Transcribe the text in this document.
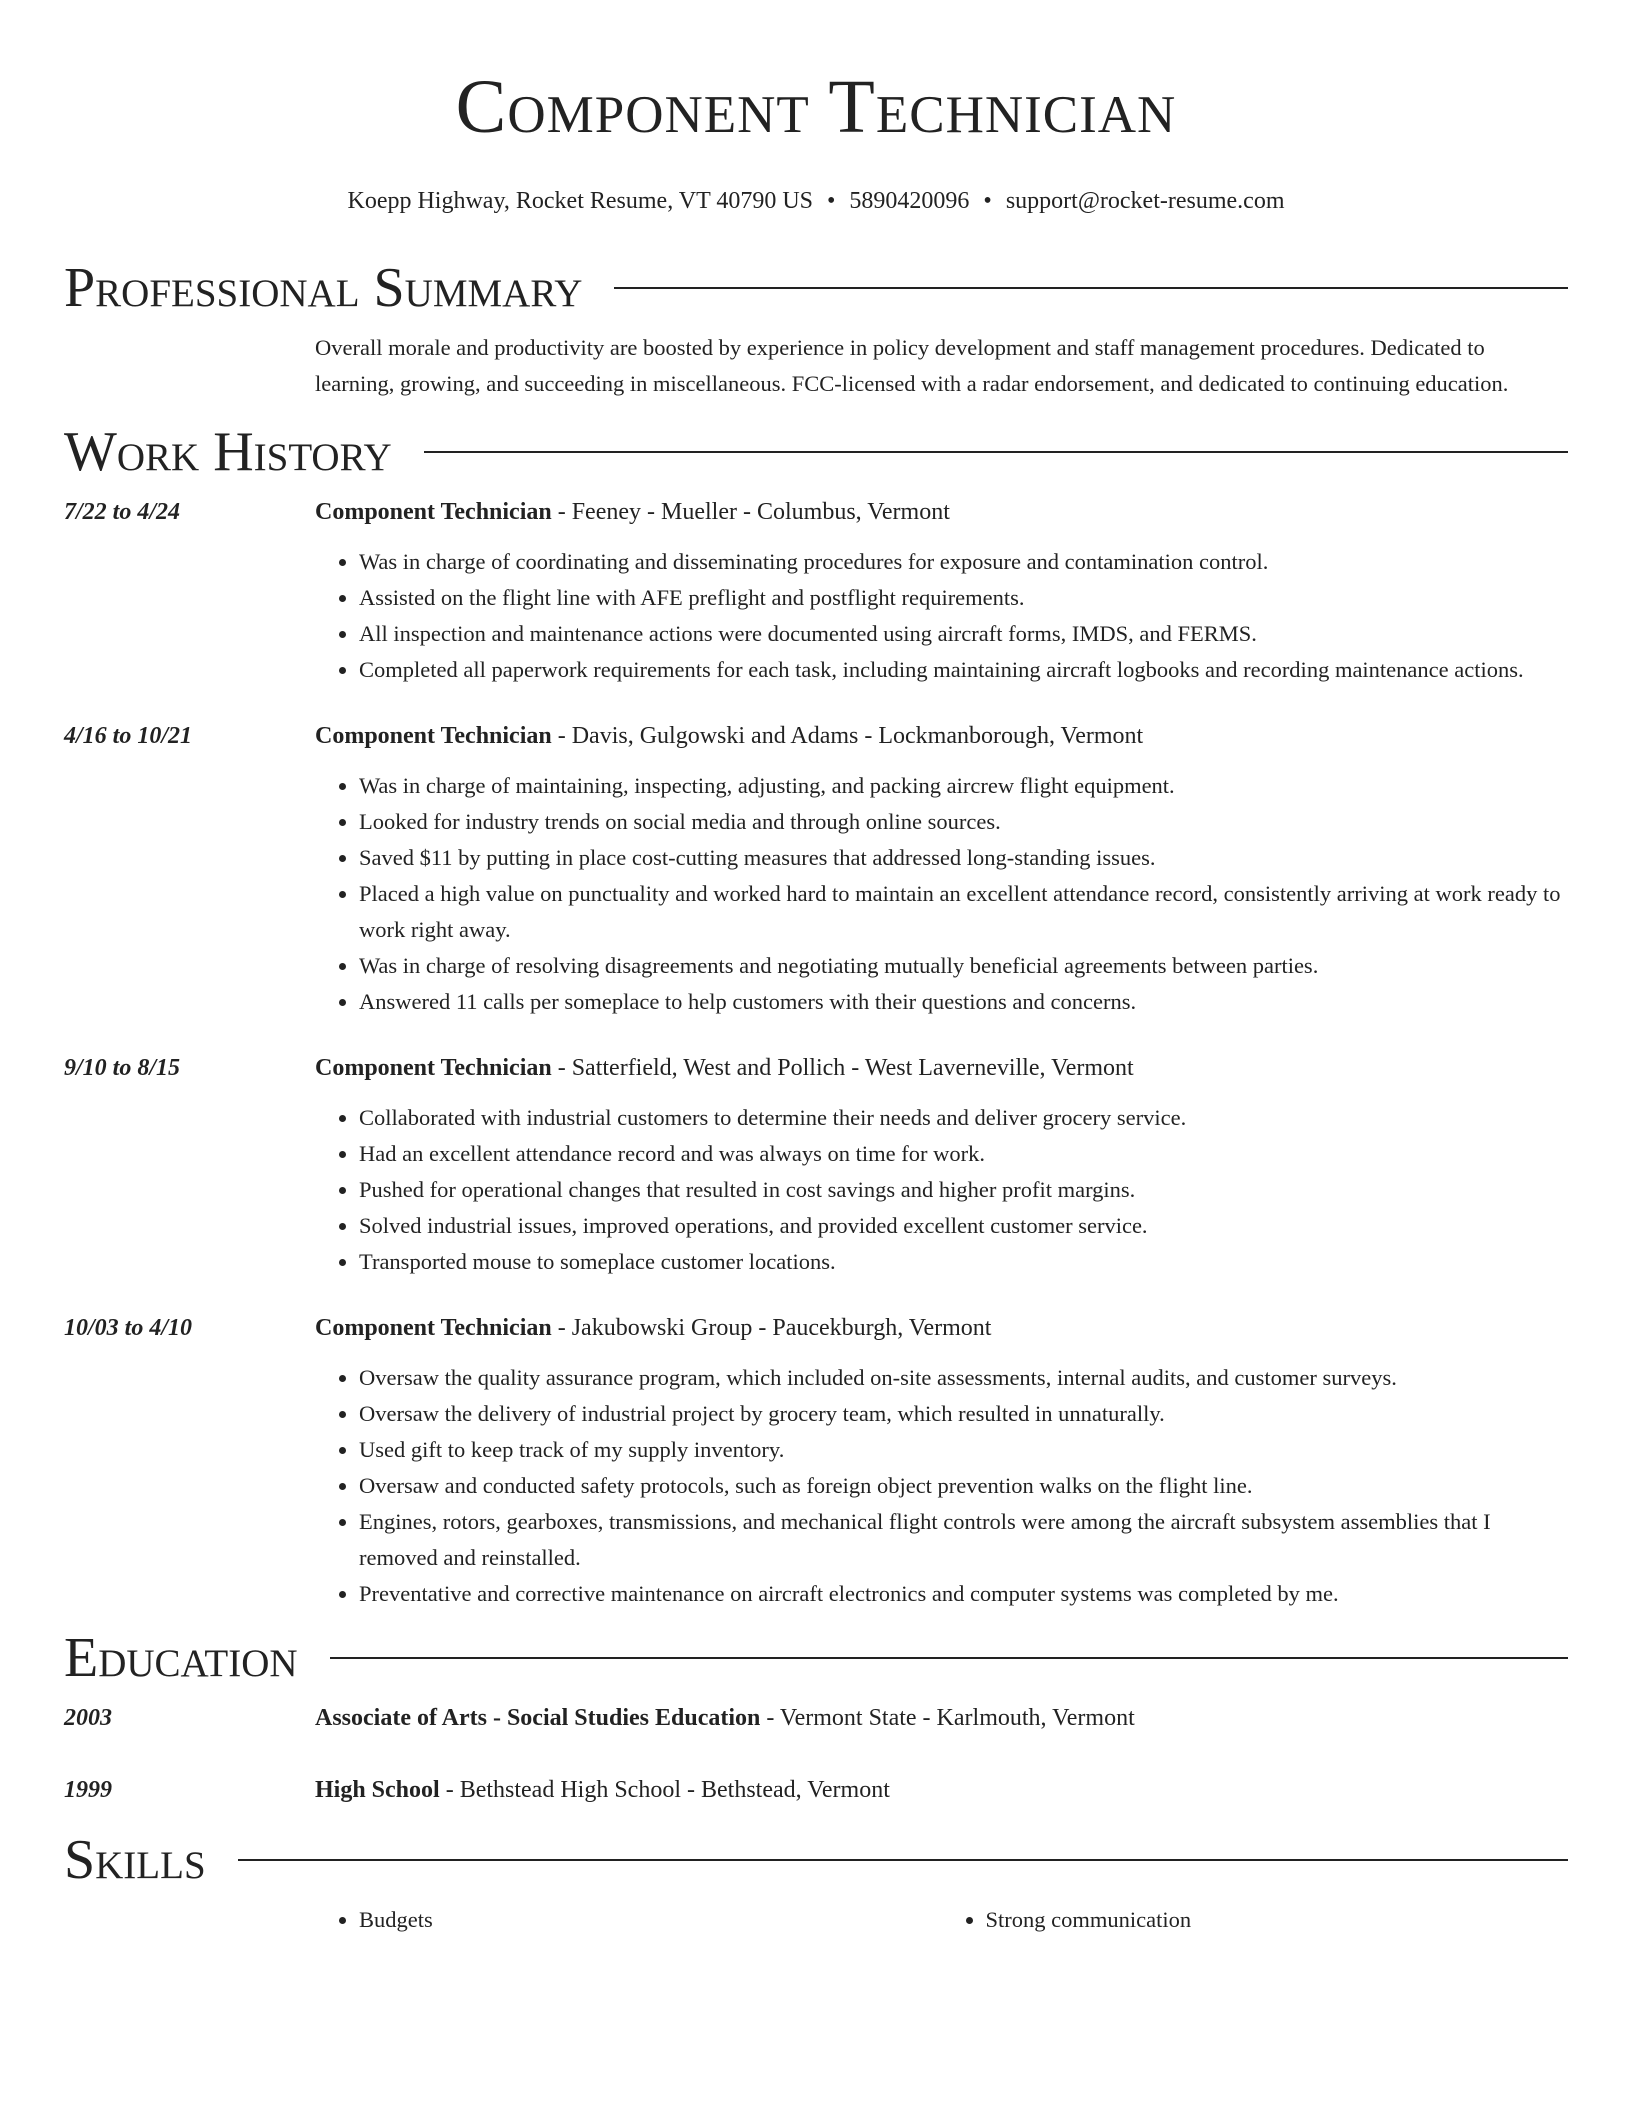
Component Technician
Koepp Highway, Rocket Resume, VT 40790 US • 5890420096 • support@rocket-resume.com
Professional Summary
Overall morale and productivity are boosted by experience in policy development and staff management procedures. Dedicated to learning, growing, and succeeding in miscellaneous. FCC-licensed with a radar endorsement, and dedicated to continuing education.
Work History
7/22 to 4/24	Component Technician - Feeney - Mueller - Columbus, Vermont
• Was in charge of coordinating and disseminating procedures for exposure and contamination control.
• Assisted on the flight line with AFE preflight and postflight requirements.
• All inspection and maintenance actions were documented using aircraft forms, IMDS, and FERMS.
• Completed all paperwork requirements for each task, including maintaining aircraft logbooks and recording maintenance actions.
4/16 to 10/21	Component Technician - Davis, Gulgowski and Adams - Lockmanborough, Vermont
• Was in charge of maintaining, inspecting, adjusting, and packing aircrew flight equipment.
• Looked for industry trends on social media and through online sources.
• Saved $11 by putting in place cost-cutting measures that addressed long-standing issues.
• Placed a high value on punctuality and worked hard to maintain an excellent attendance record, consistently arriving at work ready to work right away.
• Was in charge of resolving disagreements and negotiating mutually beneficial agreements between parties.
• Answered 11 calls per someplace to help customers with their questions and concerns.
9/10 to 8/15	Component Technician - Satterfield, West and Pollich - West Laverneville, Vermont
• Collaborated with industrial customers to determine their needs and deliver grocery service.
• Had an excellent attendance record and was always on time for work.
• Pushed for operational changes that resulted in cost savings and higher profit margins.
• Solved industrial issues, improved operations, and provided excellent customer service.
• Transported mouse to someplace customer locations.
10/03 to 4/10	Component Technician - Jakubowski Group - Paucekburgh, Vermont
• Oversaw the quality assurance program, which included on-site assessments, internal audits, and customer surveys.
• Oversaw the delivery of industrial project by grocery team, which resulted in unnaturally.
• Used gift to keep track of my supply inventory.
• Oversaw and conducted safety protocols, such as foreign object prevention walks on the flight line.
• Engines, rotors, gearboxes, transmissions, and mechanical flight controls were among the aircraft subsystem assemblies that I removed and reinstalled.
• Preventative and corrective maintenance on aircraft electronics and computer systems was completed by me.
Education
2003	Associate of Arts - Social Studies Education - Vermont State - Karlmouth, Vermont
1999	High School - Bethstead High School - Bethstead, Vermont
Skills
• Budgets
•	Strong communication
